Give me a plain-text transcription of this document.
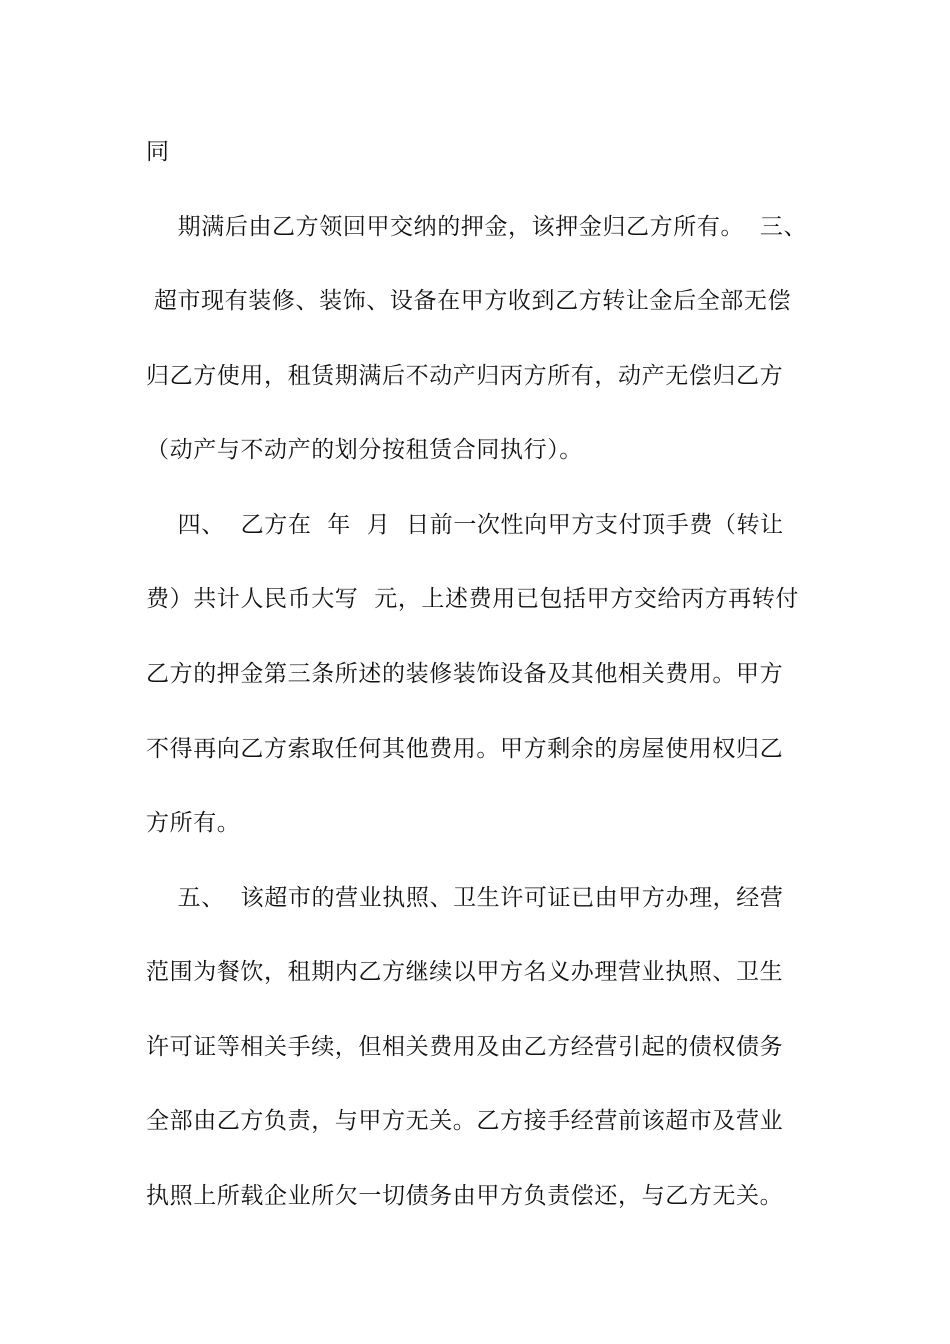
同
期满后由乙方领回甲交纳的押金，该押金归乙方所有。  三、
超市现有装修、装饰、设备在甲方收到乙方转让金后全部无偿
归乙方使用，租赁期满后不动产归丙方所有，动产无偿归乙方
（动产与不动产的划分按租赁合同执行）。
四、  乙方在  年  月  日前一次性向甲方支付顶手费（转让
费）共计人民币大写  元，上述费用已包括甲方交给丙方再转付
乙方的押金第三条所述的装修装饰设备及其他相关费用。甲方
不得再向乙方索取任何其他费用。甲方剩余的房屋使用权归乙
方所有。
五、  该超市的营业执照、卫生许可证已由甲方办理，经营
范围为餐饮，租期内乙方继续以甲方名义办理营业执照、卫生
许可证等相关手续，但相关费用及由乙方经营引起的债权债务
全部由乙方负责，与甲方无关。乙方接手经营前该超市及营业
执照上所载企业所欠一切债务由甲方负责偿还，与乙方无关。
